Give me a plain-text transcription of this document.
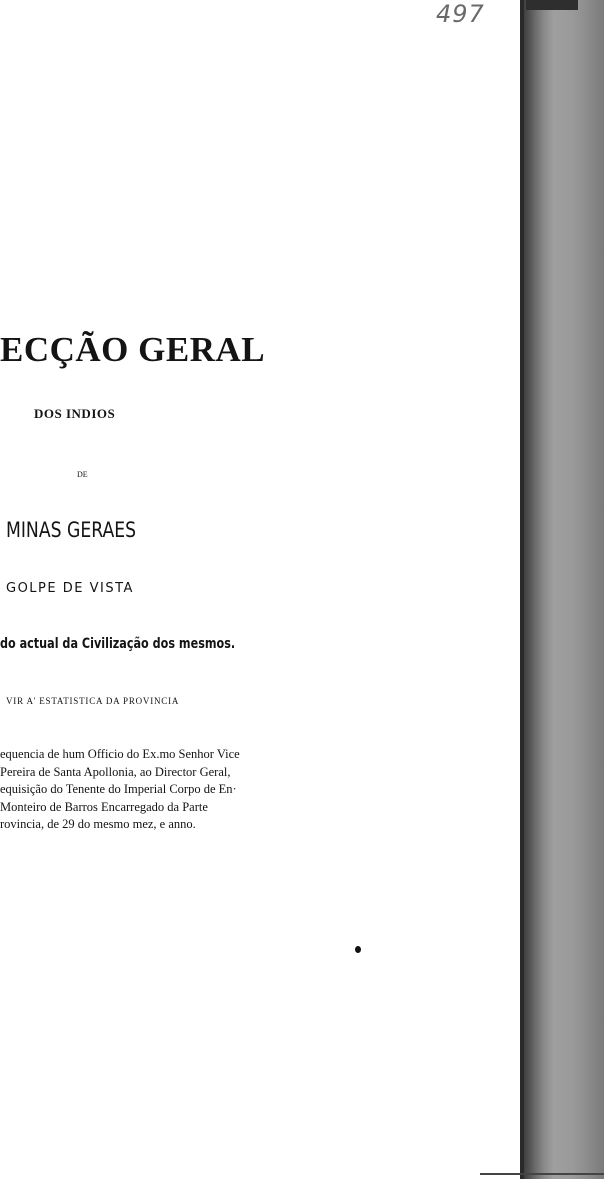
497
ECÇÃO GERAL
DOS INDIOS
DE
MINAS GERAES
GOLPE DE VISTA
do actual da Civilização dos mesmos.
VIR A' ESTATISTICA DA PROVINCIA
equencia de hum Officio do Ex.mo Senhor Vice
Pereira de Santa Apollonia, ao Director Geral,
equisição do Tenente do Imperial Corpo de En·
Monteiro de Barros Encarregado da Parte
rovincia, de 29 do mesmo mez, e anno.
